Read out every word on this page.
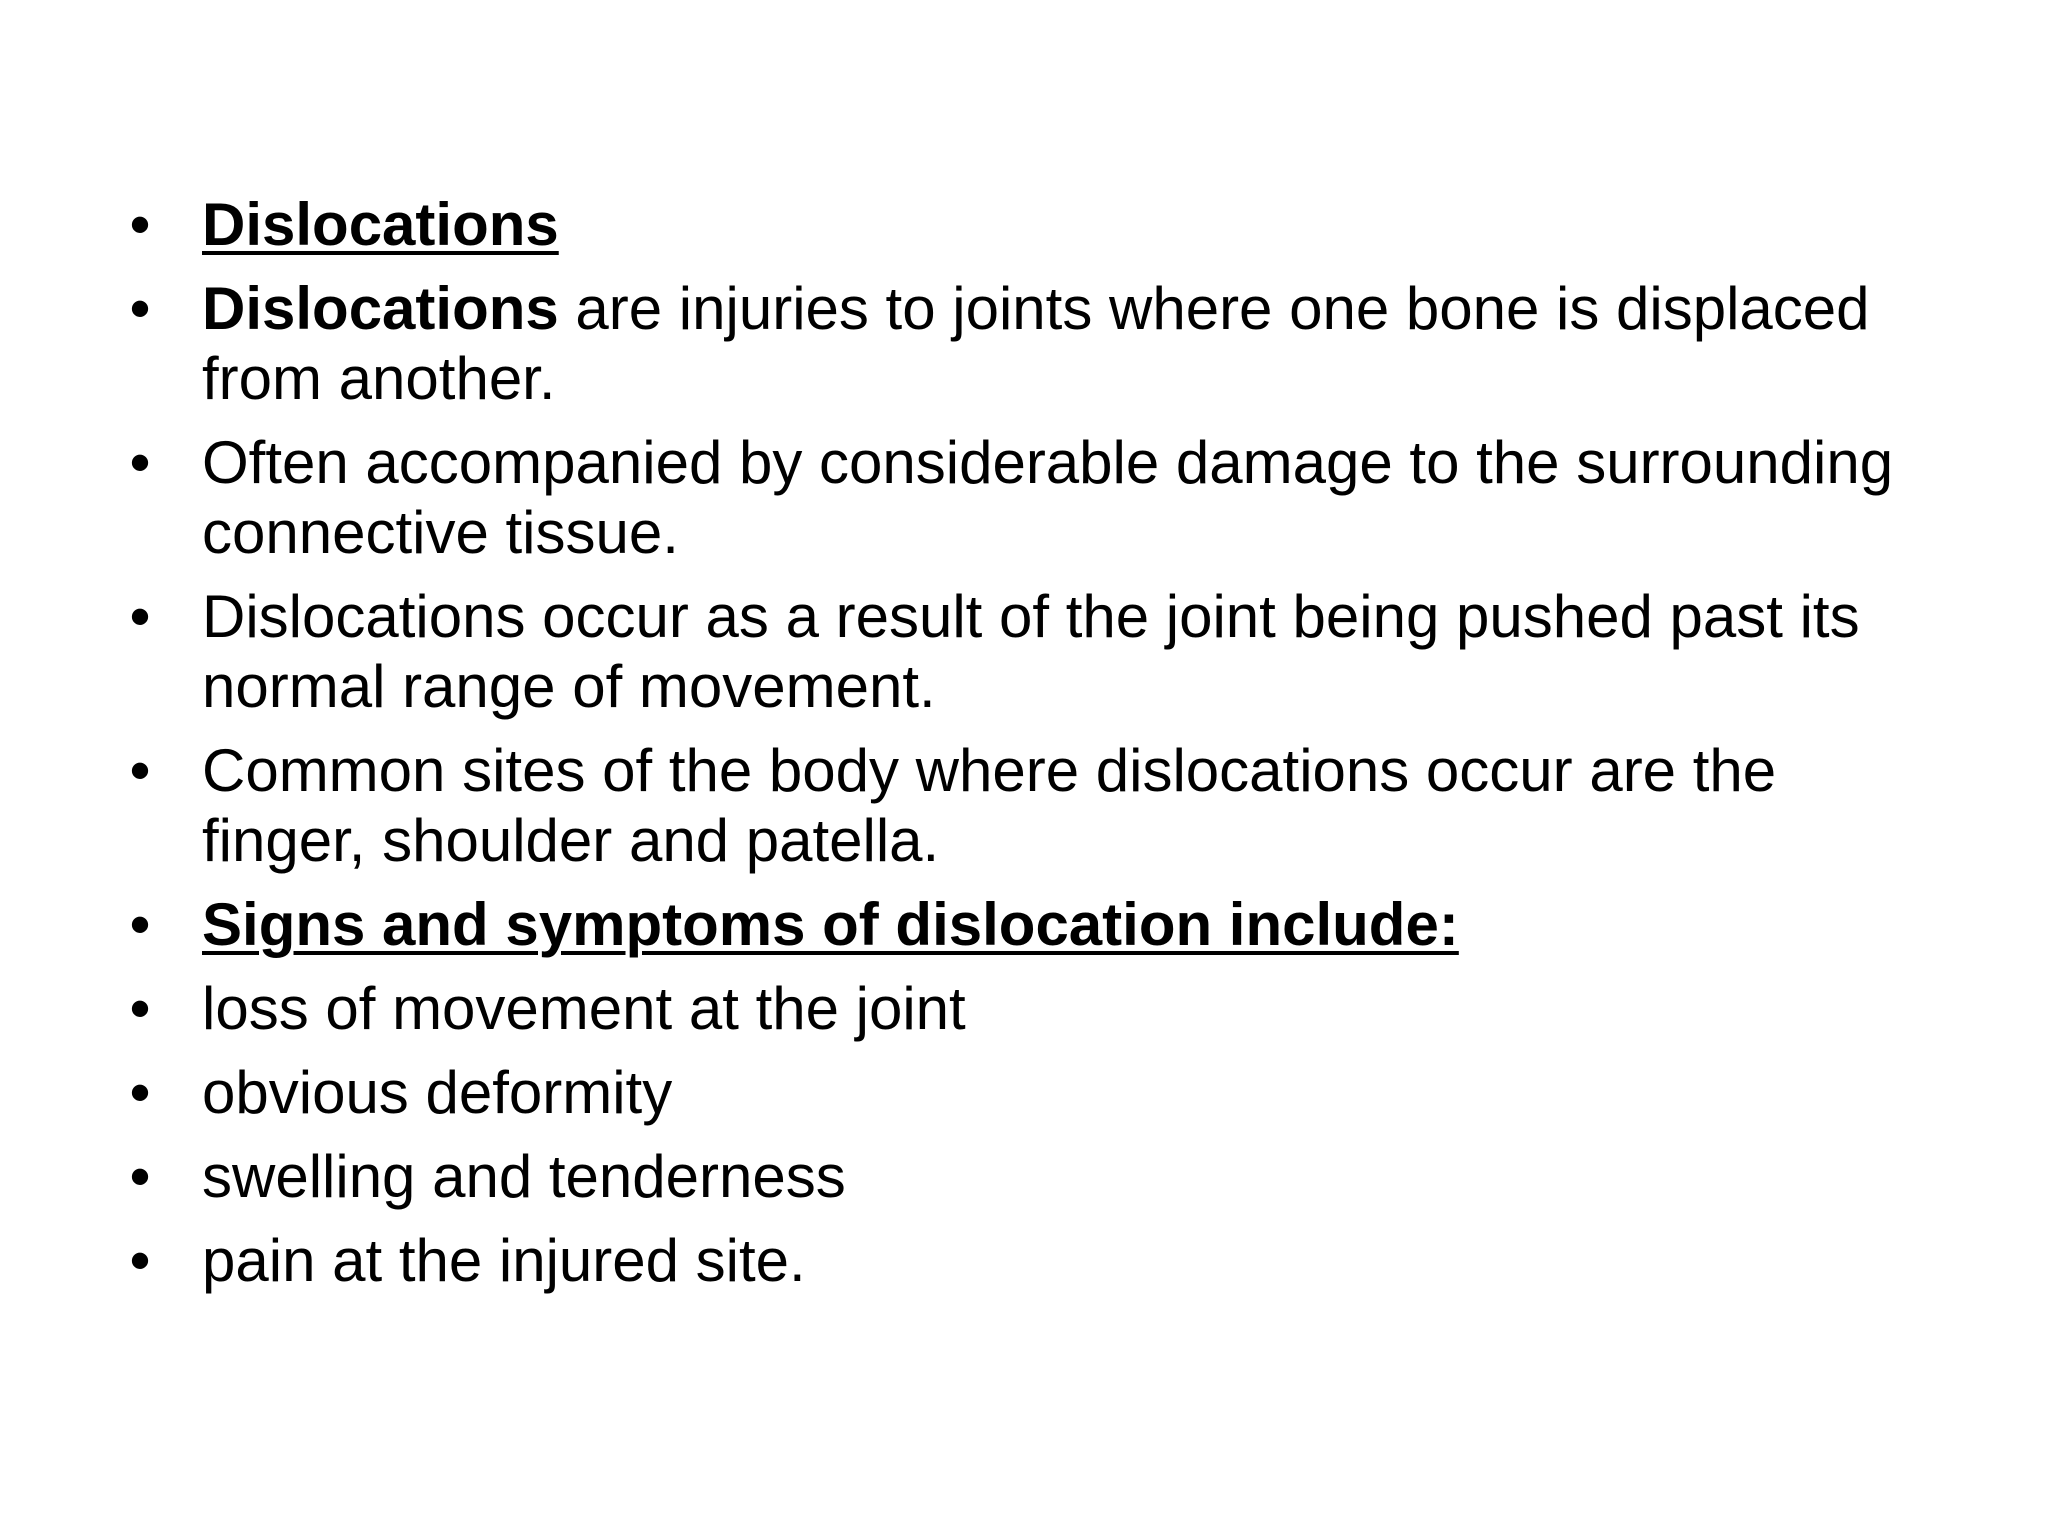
• Dislocations
• Dislocations are injuries to joints where one bone is displaced from another.
• Often accompanied by considerable damage to the surrounding connective tissue.
• Dislocations occur as a result of the joint being pushed past its normal range of movement.
• Common sites of the body where dislocations occur are the finger, shoulder and patella.
• Signs and symptoms of dislocation include:
• loss of movement at the joint
• obvious deformity
• swelling and tenderness
• pain at the injured site.
